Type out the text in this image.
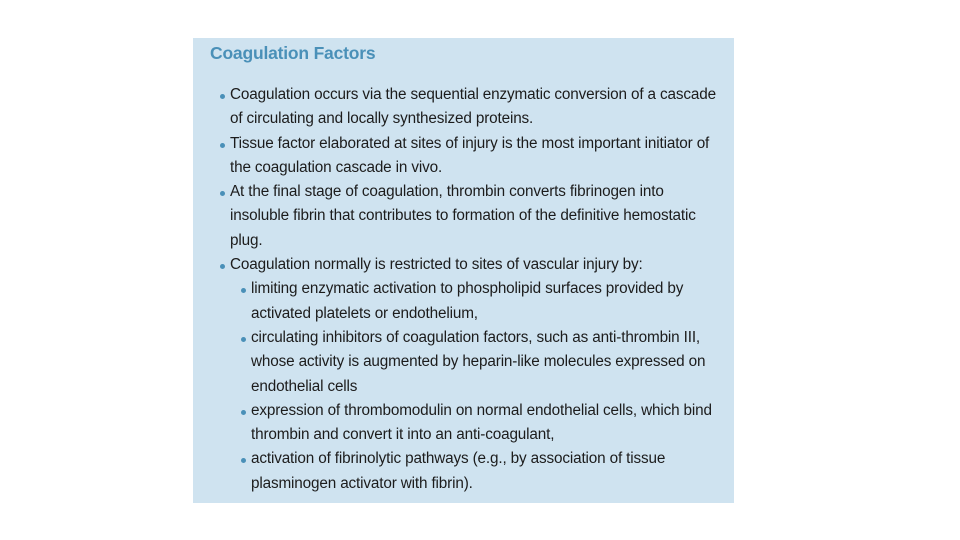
Coagulation Factors
Coagulation occurs via the sequential enzymatic conversion of a cascade of circulating and locally synthesized proteins.
Tissue factor elaborated at sites of injury is the most important initiator of the coagulation cascade in vivo.
At the final stage of coagulation, thrombin converts fibrinogen into insoluble fibrin that contributes to formation of the definitive hemostatic plug.
Coagulation normally is restricted to sites of vascular injury by:
limiting enzymatic activation to phospholipid surfaces provided by activated platelets or endothelium,
circulating inhibitors of coagulation factors, such as anti-thrombin III, whose activity is augmented by heparin-like molecules expressed on endothelial cells
expression of thrombomodulin on normal endothelial cells, which bind thrombin and convert it into an anti-coagulant,
activation of fibrinolytic pathways (e.g., by association of tissue plasminogen activator with fibrin).
